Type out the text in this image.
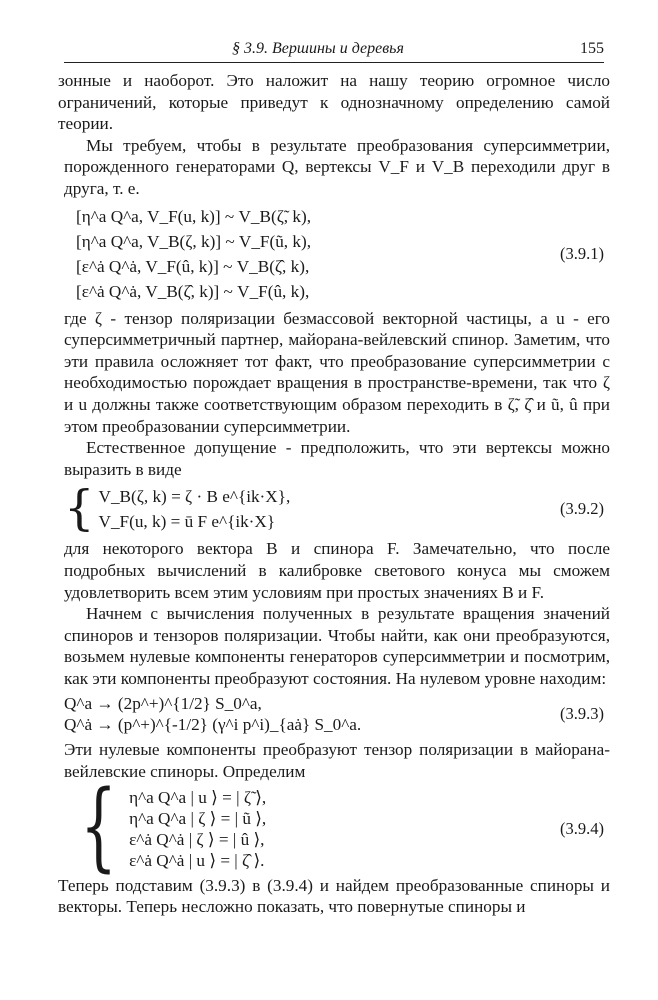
§ 3.9. Вершины и деревья	155

зонные и наоборот. Это наложит на нашу теорию огромное число ограничений, которые приведут к однозначному определению самой теории.

Мы требуем, чтобы в результате преобразования суперсимметрии, порожденного генераторами Q, вертексы V_F и V_B переходили друг в друга, т. е.

[η^a Q^a, V_F(u, k)] ~ V_B(ζ̃, k),
[η^a Q^a, V_B(ζ, k)] ~ V_F(ũ, k),
[ε^ȧ Q^ȧ, V_F(û, k)] ~ V_B(ζ̂, k),
[ε^ȧ Q^ȧ, V_B(ζ̂, k)] ~ V_F(û, k),
(3.9.1)

где ζ - тензор поляризации безмассовой векторной частицы, а u - его суперсимметричный партнер, майорана-вейлевский спинор. Заметим, что эти правила осложняет тот факт, что преобразование суперсимметрии с необходимостью порождает вращения в пространстве-времени, так что ζ и u должны также соответствующим образом переходить в ζ̃, ζ̂ и ũ, û при этом преобразовании суперсимметрии.

Естественное допущение - предположить, что эти вертексы можно выразить в виде

{ V_B(ζ, k) = ζ · B e^{ik·X},
V_F(u, k) = ū F e^{ik·X}
(3.9.2)

для некоторого вектора B и спинора F. Замечательно, что после подробных вычислений в калибровке светового конуса мы сможем удовлетворить всем этим условиям при простых значениях B и F.

Начнем с вычисления полученных в результате вращения значений спиноров и тензоров поляризации. Чтобы найти, как они преобразуются, возьмем нулевые компоненты генераторов суперсимметрии и посмотрим, как эти компоненты преобразуют состояния. На нулевом уровне находим:

Q^a → (2p^+)^{1/2} S_0^a,
Q^ȧ → (p^+)^{-1/2} (γ^i p^i)_{aȧ} S_0^a.
(3.9.3)

Эти нулевые компоненты преобразуют тензор поляризации в майорана-вейлевские спиноры. Определим

{ η^a Q^a | u ⟩ = | ζ̃ ⟩,
η^a Q^a | ζ ⟩ = | ũ ⟩,
ε^ȧ Q^ȧ | ζ ⟩ = | û ⟩,
ε^ȧ Q^ȧ | u ⟩ = | ζ̂ ⟩.
(3.9.4)

Теперь подставим (3.9.3) в (3.9.4) и найдем преобразованные спиноры и векторы. Теперь несложно показать, что повернутые спиноры и
